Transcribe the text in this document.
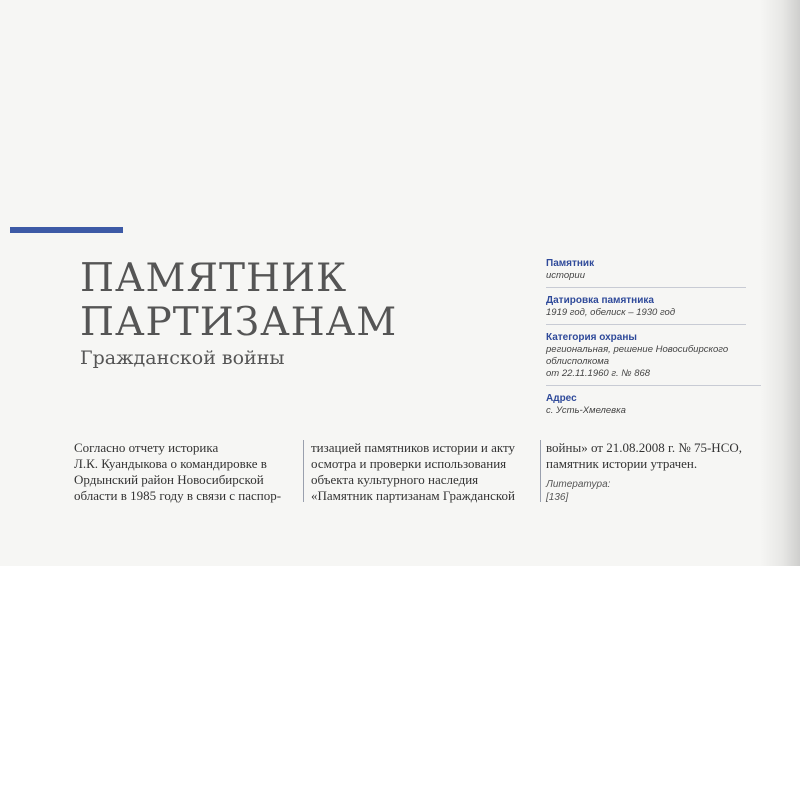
ПАМЯТНИК
ПАРТИЗАНАМ
Гражданской войны
Памятник
истории
Датировка памятника
1919 год, обелиск – 1930 год
Категория охраны
региональная, решение Новосибирского облисполкома
от 22.11.1960 г. № 868
Адрес
с. Усть-Хмелевка

Согласно отчету историка

Л.К. Куандыкова о командировке в

Ордынский район Новосибирской

области в 1985 году в связи с паспор-

тизацией памятников истории и акту

осмотра и проверки использования

объекта культурного наследия

«Памятник партизанам Гражданской

войны» от 21.08.2008 г. № 75-НСО,

памятник истории утрачен.

Литература:
[136]
